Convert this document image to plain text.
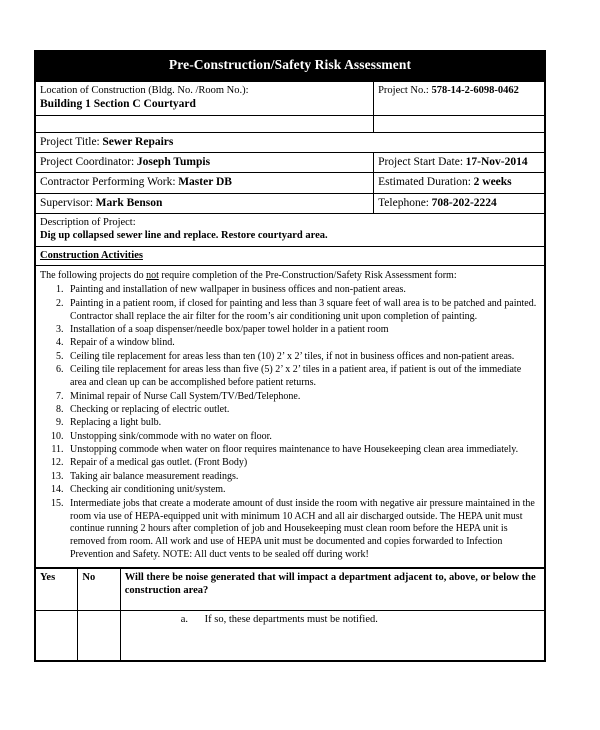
Pre-Construction/Safety Risk Assessment
Location of Construction (Bldg. No. /Room No.):
Building 1 Section C Courtyard	Project No.: 578-14-2-6098-0462

Project Title: Sewer Repairs	
Project Coordinator: Joseph Tumpis	Project Start Date: 17-Nov-2014
Contractor Performing Work: Master DB	Estimated Duration: 2 weeks
Supervisor: Mark Benson	Telephone: 708-202-2224
Description of Project:
Dig up collapsed sewer line and replace. Restore courtyard area.	
Construction Activities	

The following projects do not require completion of the Pre-Construction/Safety Risk Assessment form:

1. Painting and installation of new wallpaper in business offices and non-patient areas.
2. Painting in a patient room, if closed for painting and less than 3 square feet of wall area is to be patched and painted. Contractor shall replace the air filter for the room’s air conditioning unit upon completion of painting.
3. Installation of a soap dispenser/needle box/paper towel holder in a patient room
4. Repair of a window blind.
5. Ceiling tile replacement for areas less than ten (10) 2’ x 2’ tiles, if not in business offices and non-patient areas.
6. Ceiling tile replacement for areas less than five (5) 2’ x 2’ tiles in a patient area, if patient is out of the immediate area and clean up can be accomplished before patient returns.
7. Minimal repair of Nurse Call System/TV/Bed/Telephone.
8. Checking or replacing of electric outlet.
9. Replacing a light bulb.
10. Unstopping sink/commode with no water on floor.
11. Unstopping commode when water on floor requires maintenance to have Housekeeping clean area immediately.
12. Repair of a medical gas outlet. (Front Body)
13. Taking air balance measurement readings.
14. Checking air conditioning unit/system.
15. Intermediate jobs that create a moderate amount of dust inside the room with negative air pressure maintained in the room via use of HEPA-equipped unit with minimum 10 ACH and all air discharged outside. The HEPA unit must continue running 2 hours after completion of job and Housekeeping must clean room before the HEPA unit is removed from room. All work and use of HEPA unit must be documented and copies forwarded to Infection Prevention and Safety. NOTE: All duct vents to be sealed off during work!
Yes	No	Will there be noise generated that will impact a department adjacent to, above, or below the construction area?
		a. If so, these departments must be notified.
